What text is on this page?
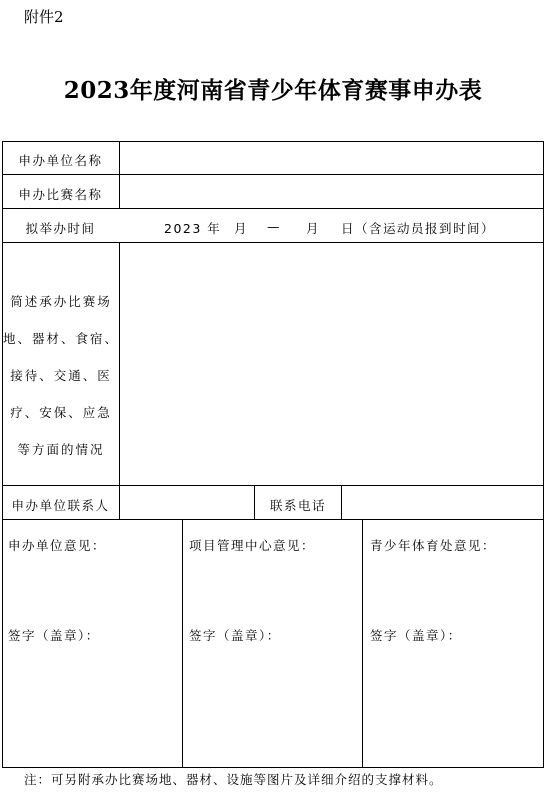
附件2
2023年度河南省青少年体育赛事申办表
申办单位名称
申办比赛名称
拟举办时间	2023 年 月 — 月 日（含运动员报到时间）
简述承办比赛场
地、器材、食宿、
接待、交通、医
疗、安保、应急
等方面的情况
申办单位联系人	联系电话
申办单位意见：
签字（盖章）：
项目管理中心意见：
签字（盖章）：
青少年体育处意见：
签字（盖章）：
注：可另附承办比赛场地、器材、设施等图片及详细介绍的支撑材料。
